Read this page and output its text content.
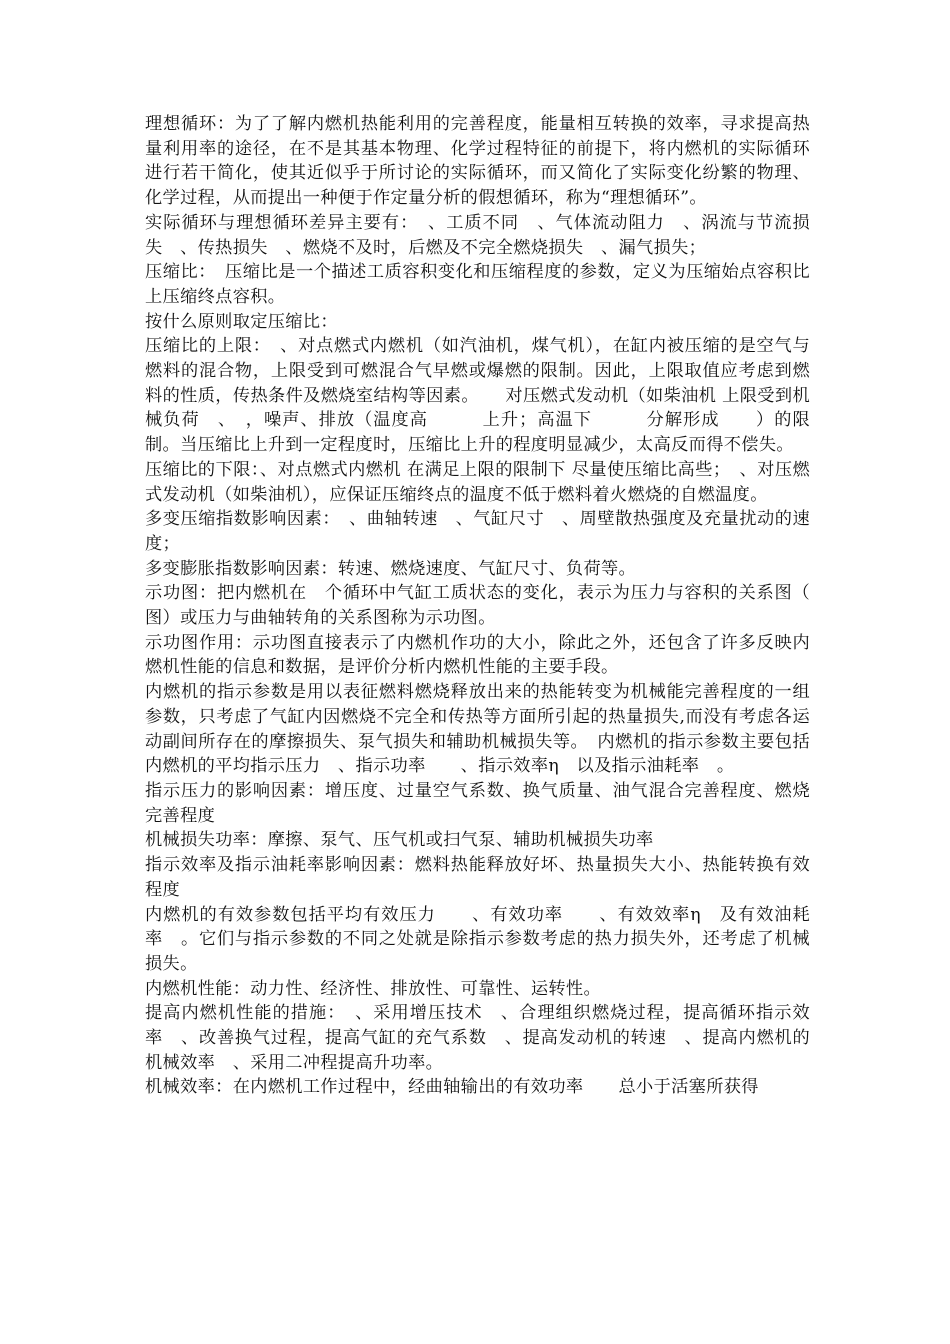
理想循环：为了了解内燃机热能利用的完善程度，能量相互转换的效率，寻求提高热量利用率的途径，在不是其基本物理、化学过程特征的前提下，将内燃机的实际循环进行若干简化，使其近似乎于所讨论的实际循环，而又简化了实际变化纷繁的物理、化学过程，从而提出一种便于作定量分析的假想循环，称为“理想循环”。

实际循环与理想循环差异主要有：　、工质不同　、气体流动阻力　、涡流与节流损失　、传热损失　、燃烧不及时，后燃及不完全燃烧损失　、漏气损失；

压缩比：　压缩比是一个描述工质容积变化和压缩程度的参数，定义为压缩始点容积比上压缩终点容积。

按什么原则取定压缩比：

压缩比的上限：　、对点燃式内燃机（如汽油机，煤气机），在缸内被压缩的是空气与燃料的混合物，上限受到可燃混合气早燃或爆燃的限制。因此，上限取值应考虑到燃料的性质，传热条件及燃烧室结构等因素。　　对压燃式发动机（如柴油机 上限受到机械负荷　、　，噪声、排放（温度高　　　上升；高温下　　　分解形成　　）的限制。当压缩比上升到一定程度时，压缩比上升的程度明显减少，太高反而得不偿失。

压缩比的下限：、对点燃式内燃机 在满足上限的限制下 尽量使压缩比高些；　、对压燃式发动机（如柴油机），应保证压缩终点的温度不低于燃料着火燃烧的自燃温度。

多变压缩指数影响因素：　、曲轴转速　、气缸尺寸　、周壁散热强度及充量扰动的速度；

多变膨胀指数影响因素：转速、燃烧速度、气缸尺寸、负荷等。

示功图：把内燃机在　个循环中气缸工质状态的变化，表示为压力与容积的关系图（　　图）或压力与曲轴转角的关系图称为示功图。

示功图作用：示功图直接表示了内燃机作功的大小，除此之外，还包含了许多反映内燃机性能的信息和数据，是评价分析内燃机性能的主要手段。

内燃机的指示参数是用以表征燃料燃烧释放出来的热能转变为机械能完善程度的一组参数，只考虑了气缸内因燃烧不完全和传热等方面所引起的热量损失,而没有考虑各运动副间所存在的摩擦损失、泵气损失和辅助机械损失等。　内燃机的指示参数主要包括内燃机的平均指示压力　、指示功率　　、指示效率η　以及指示油耗率　。

指示压力的影响因素：增压度、过量空气系数、换气质量、油气混合完善程度、燃烧完善程度

机械损失功率：摩擦、泵气、压气机或扫气泵、辅助机械损失功率

指示效率及指示油耗率影响因素：燃料热能释放好坏、热量损失大小、热能转换有效程度

内燃机的有效参数包括平均有效压力　　、有效功率　　、有效效率η　及有效油耗率　。它们与指示参数的不同之处就是除指示参数考虑的热力损失外，还考虑了机械损失。

内燃机性能：动力性、经济性、排放性、可靠性、运转性。

提高内燃机性能的措施：　、采用增压技术　、合理组织燃烧过程，提高循环指示效率　、改善换气过程，提高气缸的充气系数　、提高发动机的转速　、提高内燃机的机械效率　、采用二冲程提高升功率。

机械效率：在内燃机工作过程中，经曲轴输出的有效功率　　总小于活塞所获得
